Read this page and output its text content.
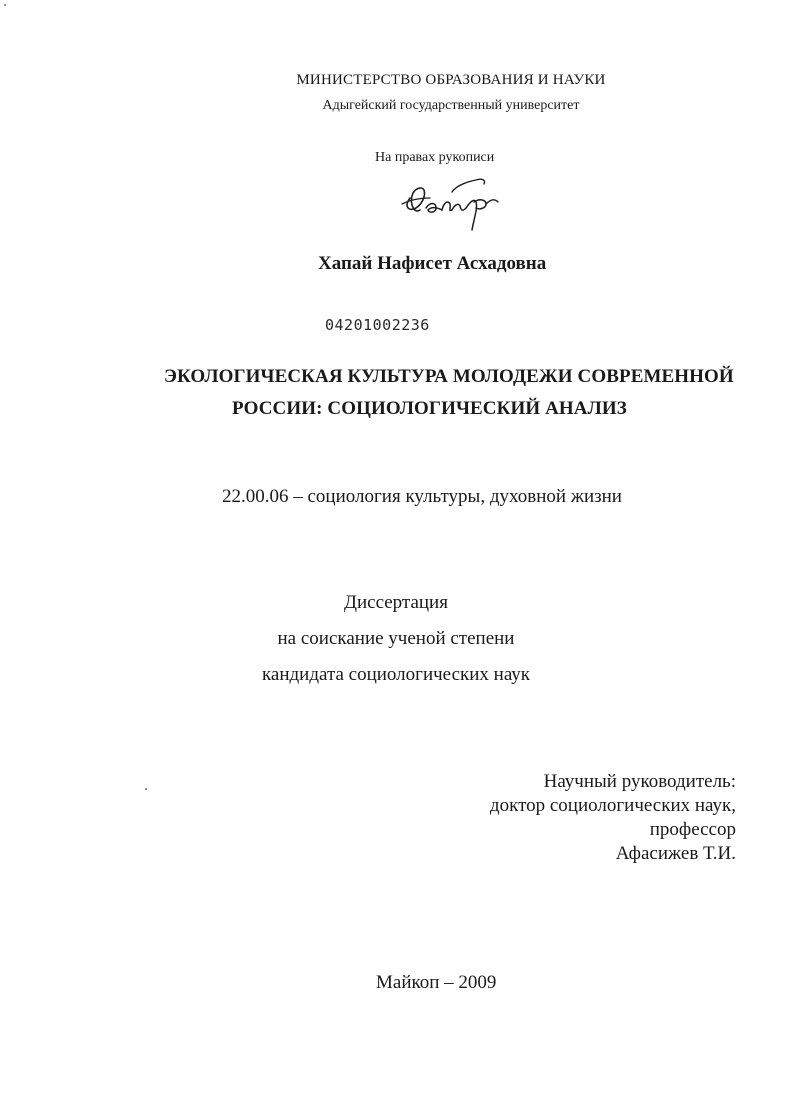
МИНИСТЕРСТВО ОБРАЗОВАНИЯ И НАУКИ
Адыгейский государственный университет
На правах рукописи
Хапай Нафисет Асхадовна
04201002236
ЭКОЛОГИЧЕСКАЯ КУЛЬТУРА МОЛОДЕЖИ СОВРЕМЕННОЙ
РОССИИ: СОЦИОЛОГИЧЕСКИЙ АНАЛИЗ
22.00.06 – социология культуры, духовной жизни
Диссертация
на соискание ученой степени
кандидата социологических наук
Научный руководитель:
доктор социологических наук,
профессор
Афасижев Т.И.
Майкоп – 2009
